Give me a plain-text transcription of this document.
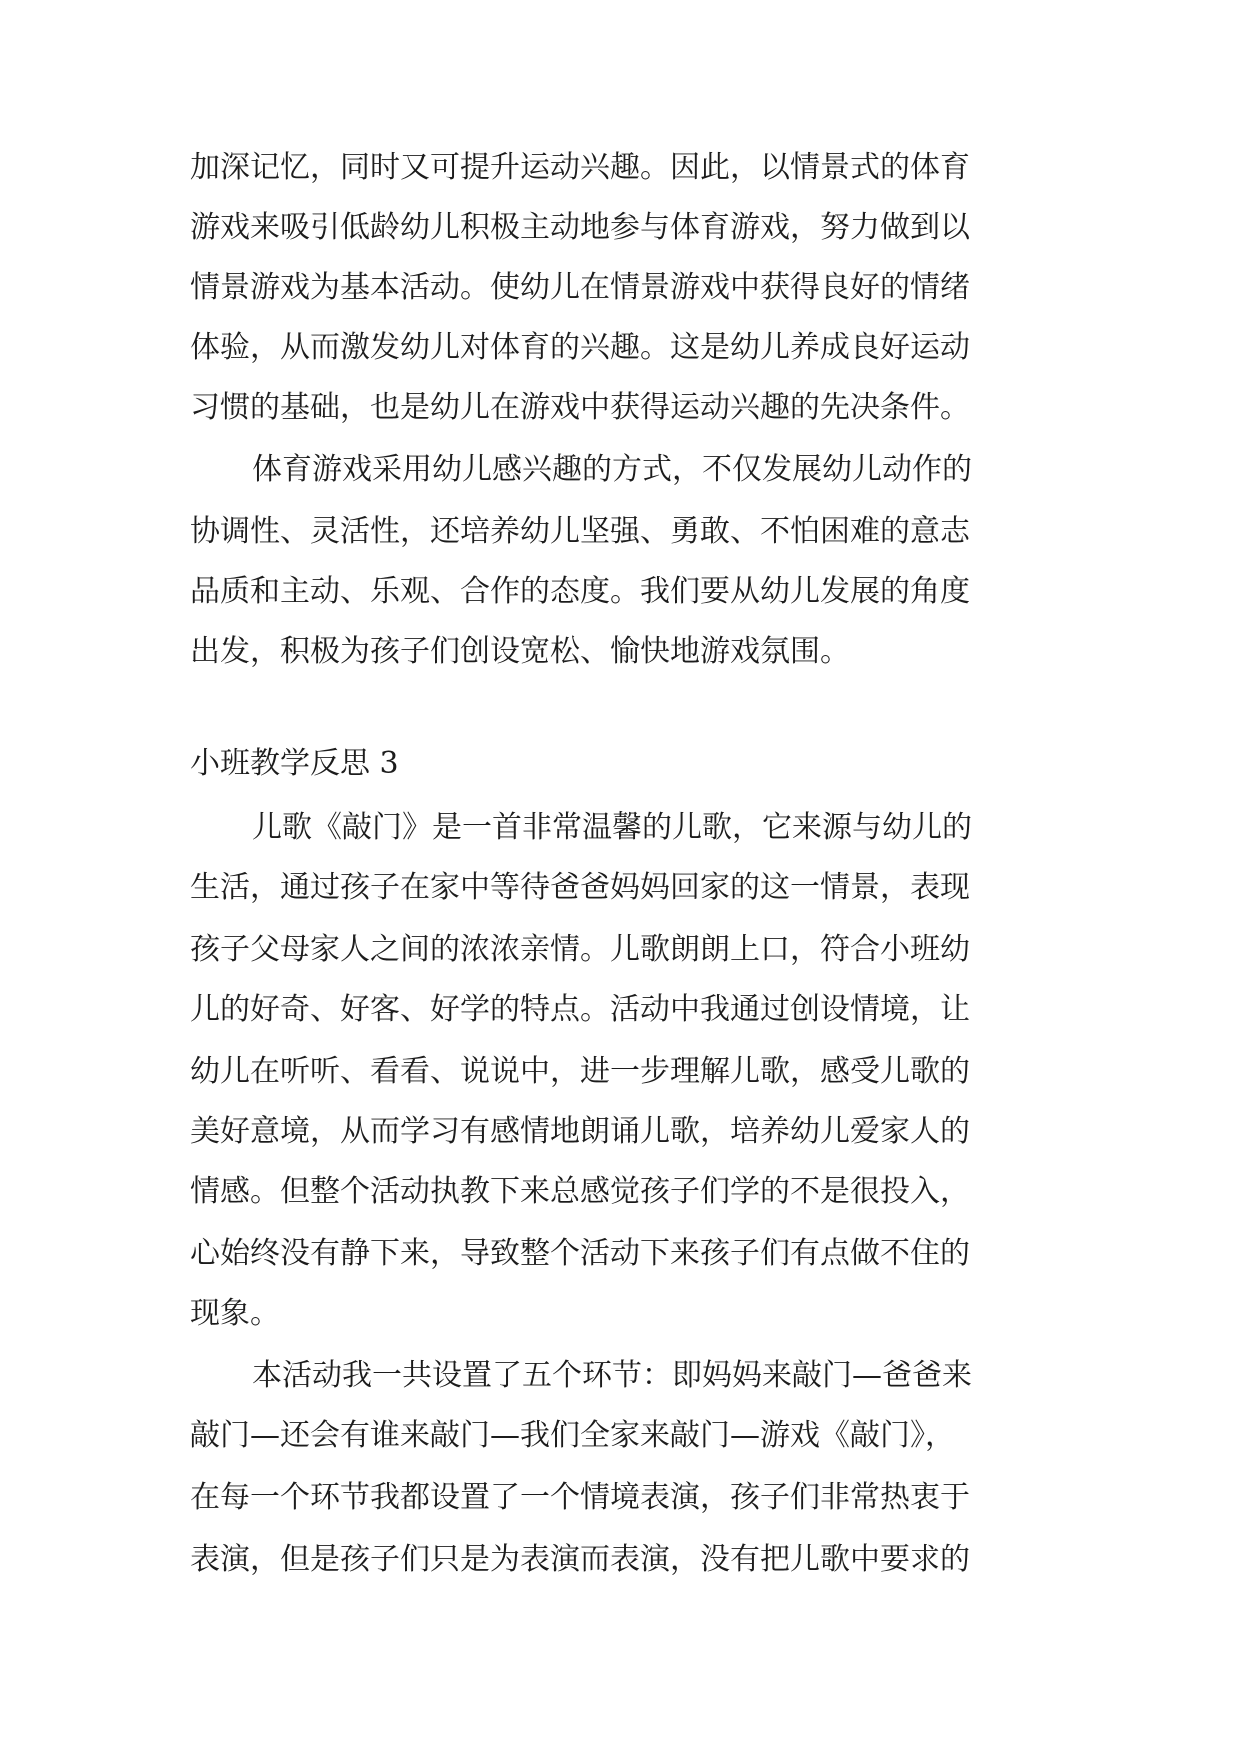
加深记忆，同时又可提升运动兴趣。因此，以情景式的体育
游戏来吸引低龄幼儿积极主动地参与体育游戏，努力做到以
情景游戏为基本活动。使幼儿在情景游戏中获得良好的情绪
体验，从而激发幼儿对体育的兴趣。这是幼儿养成良好运动
习惯的基础，也是幼儿在游戏中获得运动兴趣的先决条件。
体育游戏采用幼儿感兴趣的方式，不仅发展幼儿动作的
协调性、灵活性，还培养幼儿坚强、勇敢、不怕困难的意志
品质和主动、乐观、合作的态度。我们要从幼儿发展的角度
出发，积极为孩子们创设宽松、愉快地游戏氛围。
小班教学反思 3
儿歌《敲门》是一首非常温馨的儿歌，它来源与幼儿的
生活，通过孩子在家中等待爸爸妈妈回家的这一情景，表现
孩子父母家人之间的浓浓亲情。儿歌朗朗上口，符合小班幼
儿的好奇、好客、好学的特点。活动中我通过创设情境，让
幼儿在听听、看看、说说中，进一步理解儿歌，感受儿歌的
美好意境，从而学习有感情地朗诵儿歌，培养幼儿爱家人的
情感。但整个活动执教下来总感觉孩子们学的不是很投入，
心始终没有静下来，导致整个活动下来孩子们有点做不住的
现象。
本活动我一共设置了五个环节：即妈妈来敲门—爸爸来
敲门—还会有谁来敲门—我们全家来敲门—游戏《敲门》，
在每一个环节我都设置了一个情境表演，孩子们非常热衷于
表演，但是孩子们只是为表演而表演，没有把儿歌中要求的
